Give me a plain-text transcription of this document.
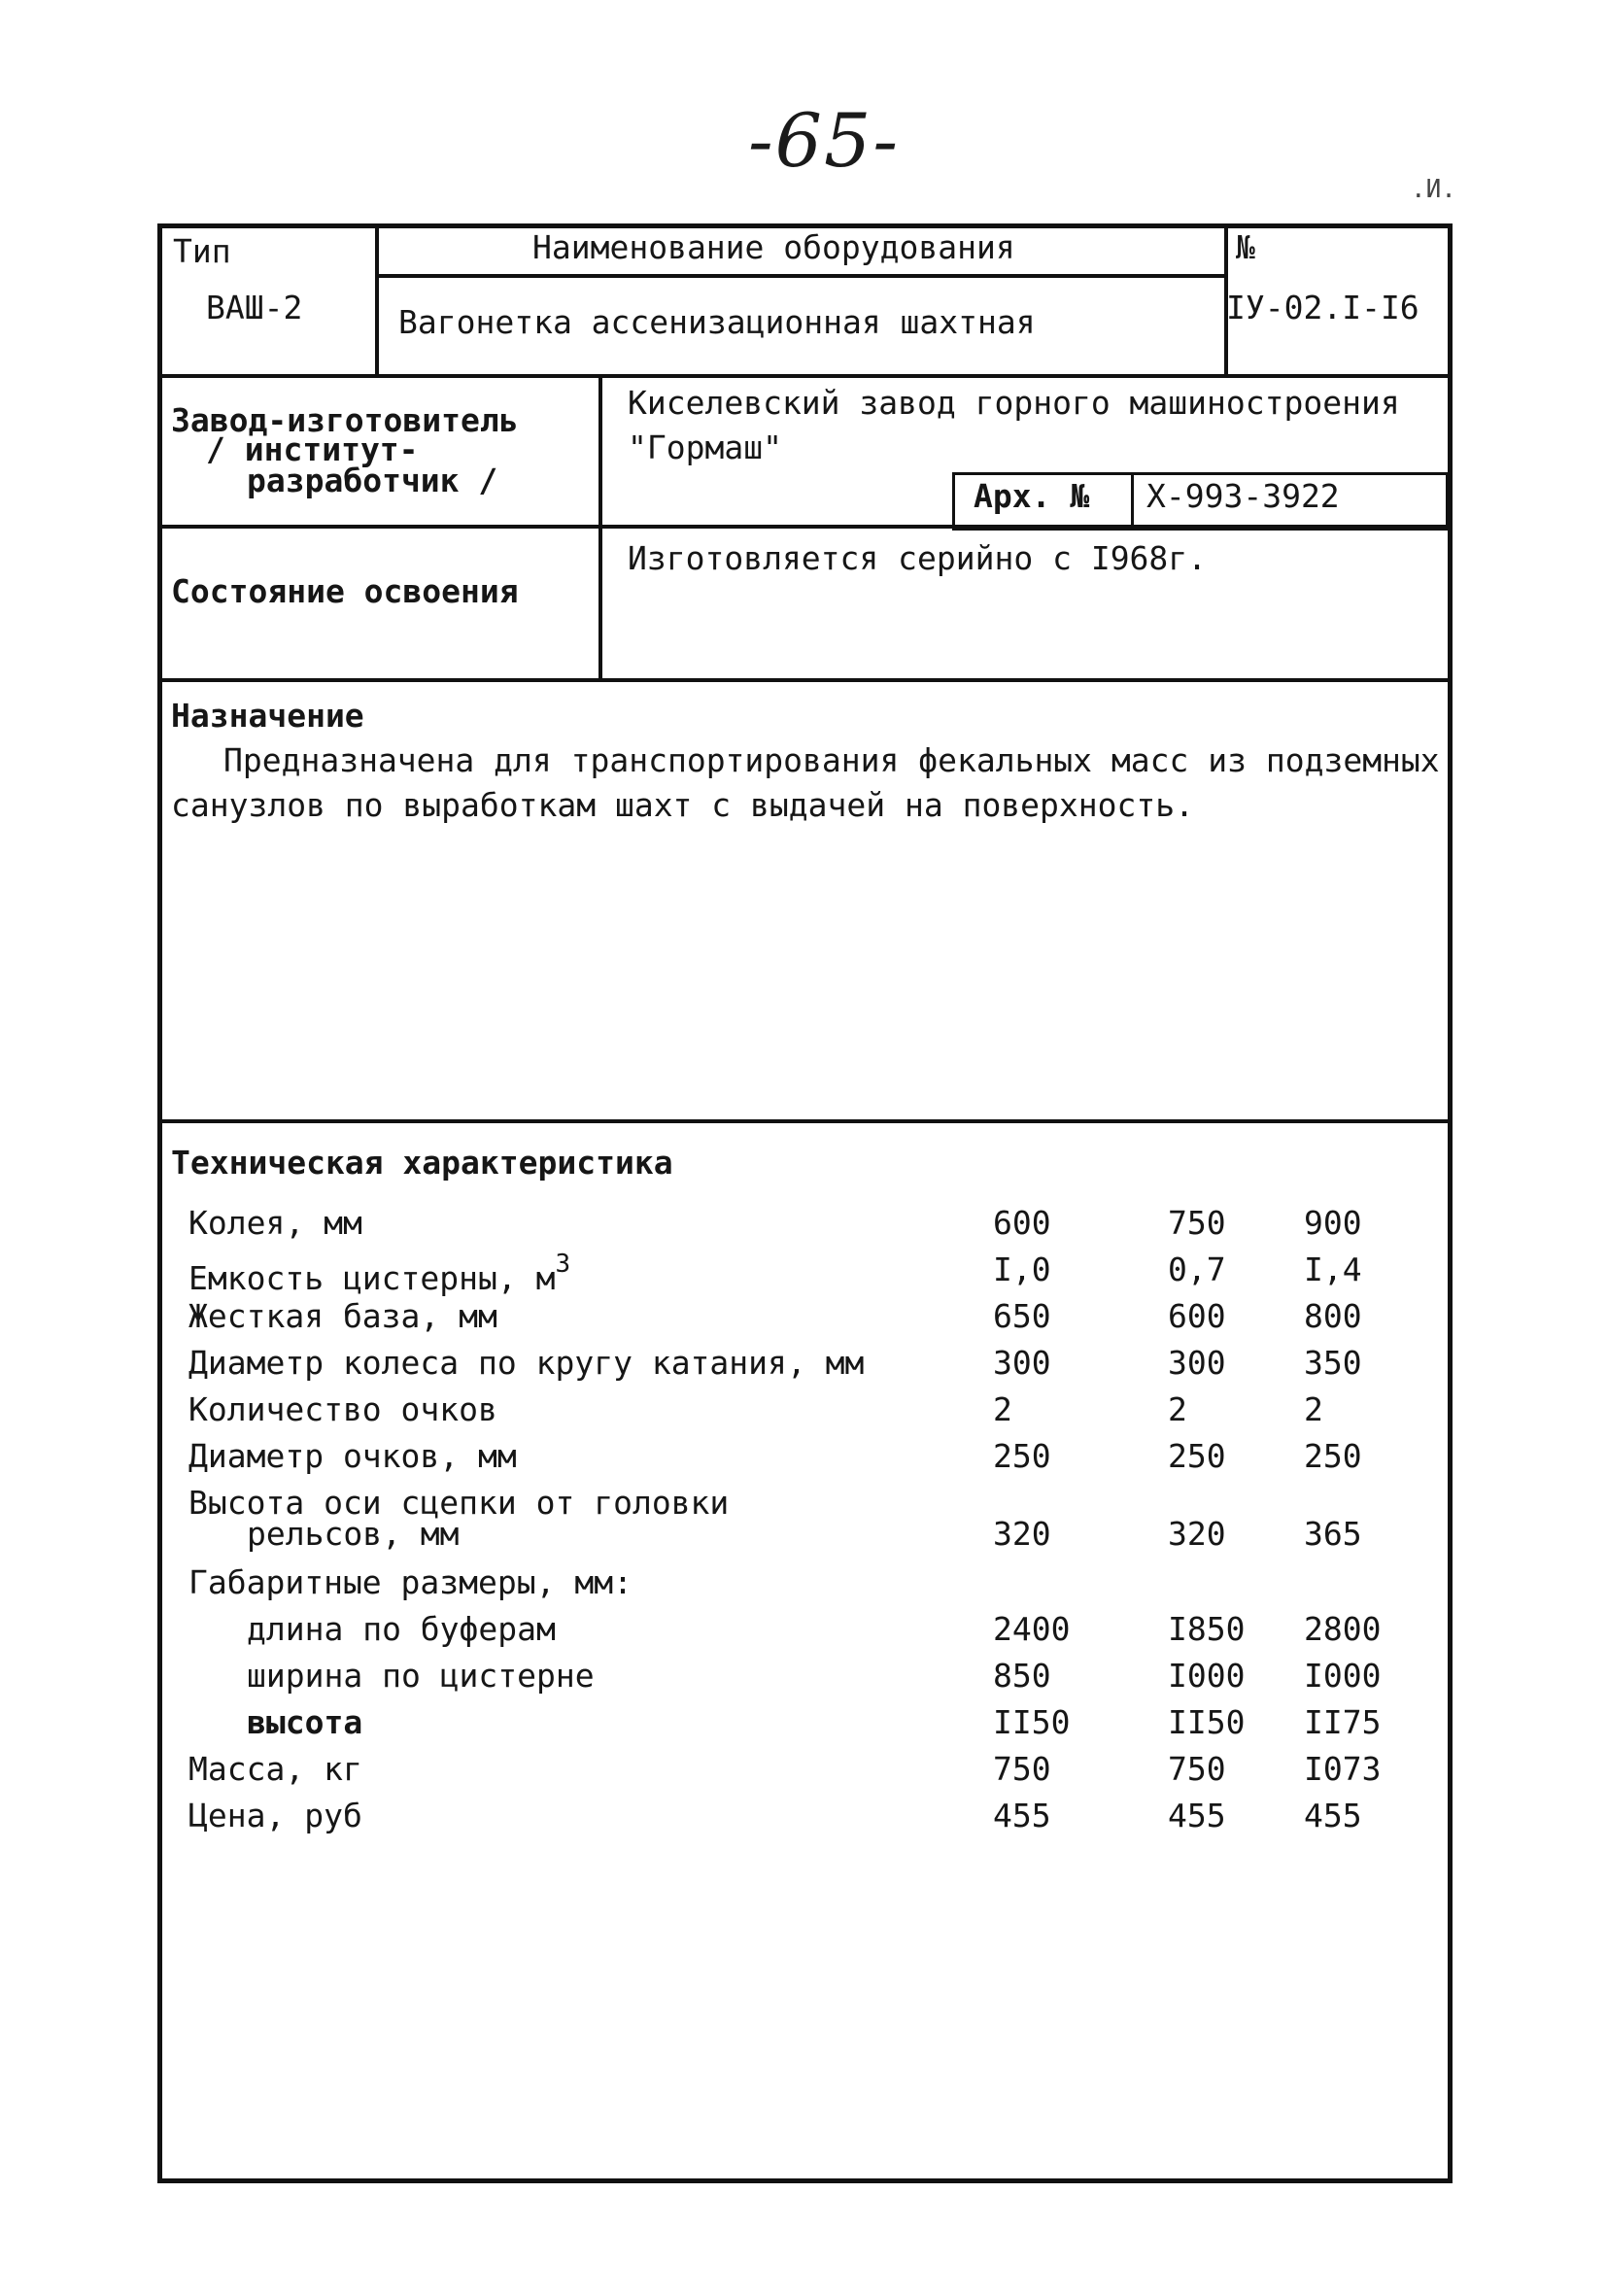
-65-
.И.
Тип
ВАШ-2
Наименование оборудования
Вагонетка ассенизационная шахтная
№
IУ-02.I-I6
Завод-изготовитель
/ институт-
разработчик /
Киселевский завод горного машиностроения
"Гормаш"
Арх. № Х-993-3922
Состояние освоения
Изготовляется серийно с I968г.
Назначение
Предназначена для транспортирования фекальных масс из подземных
санузлов по выработкам шахт с выдачей на поверхность.
Техническая характеристика
Колея, мм	600	750 900
Емкость цистерны, $м^3$	I,0	0,7 I,4
Жесткая база, мм	650	600 800
Диаметр колеса по кругу катания, мм	300	300 350
Количество очков	2	2	2
Диаметр очков, мм	250	250 250
Высота оси сцепки от головки
рельсов, мм	320	320 365
Габаритные размеры, мм:
длина по буферам	2400	I850 2800
ширина по цистерне	850	I000 I000
высота	II50	II50 II75
Масса, кг	750	750 I073
Цена, руб	455	455 455
